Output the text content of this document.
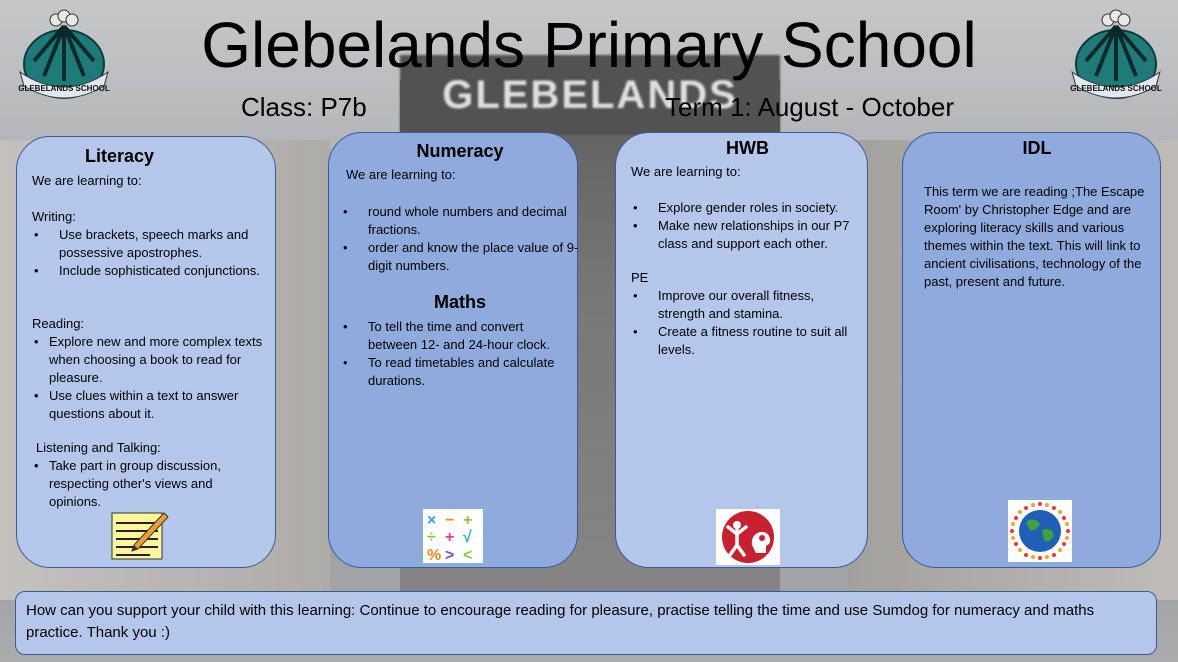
GLEBELANDS
GLEBELANDS SCHOOL	GLEBELANDS SCHOOL
Glebelands Primary School
Class: P7b	Term 1: August - October
Literacy
We are learning to:
Writing:
• Use brackets, speech marks and possessive apostrophes.
• Include sophisticated conjunctions.
Reading:
• Explore new and more complex texts when choosing a book to read for pleasure.
• Use clues within a text to answer questions about it.
Listening and Talking:
• Take part in group discussion, respecting other's views and opinions.
Numeracy
We are learning to:
• round whole numbers and decimal fractions.
• order and know the place value of 9-digit numbers.
Maths
• To tell the time and convert between 12- and 24-hour clock.
• To read timetables and calculate durations.
× − +
÷ + √
% > <
HWB
We are learning to:
• Explore gender roles in society.
• Make new relationships in our P7 class and support each other.
PE
• Improve our overall fitness, strength and stamina.
• Create a fitness routine to suit all levels.
IDL
This term we are reading ;The Escape Room' by Christopher Edge and are exploring literacy skills and various themes within the text. This will link to ancient civilisations, technology of the past, present and future.
How can you support your child with this learning: Continue to encourage reading for pleasure, practise telling the time and use Sumdog for numeracy and maths practice. Thank you :)
